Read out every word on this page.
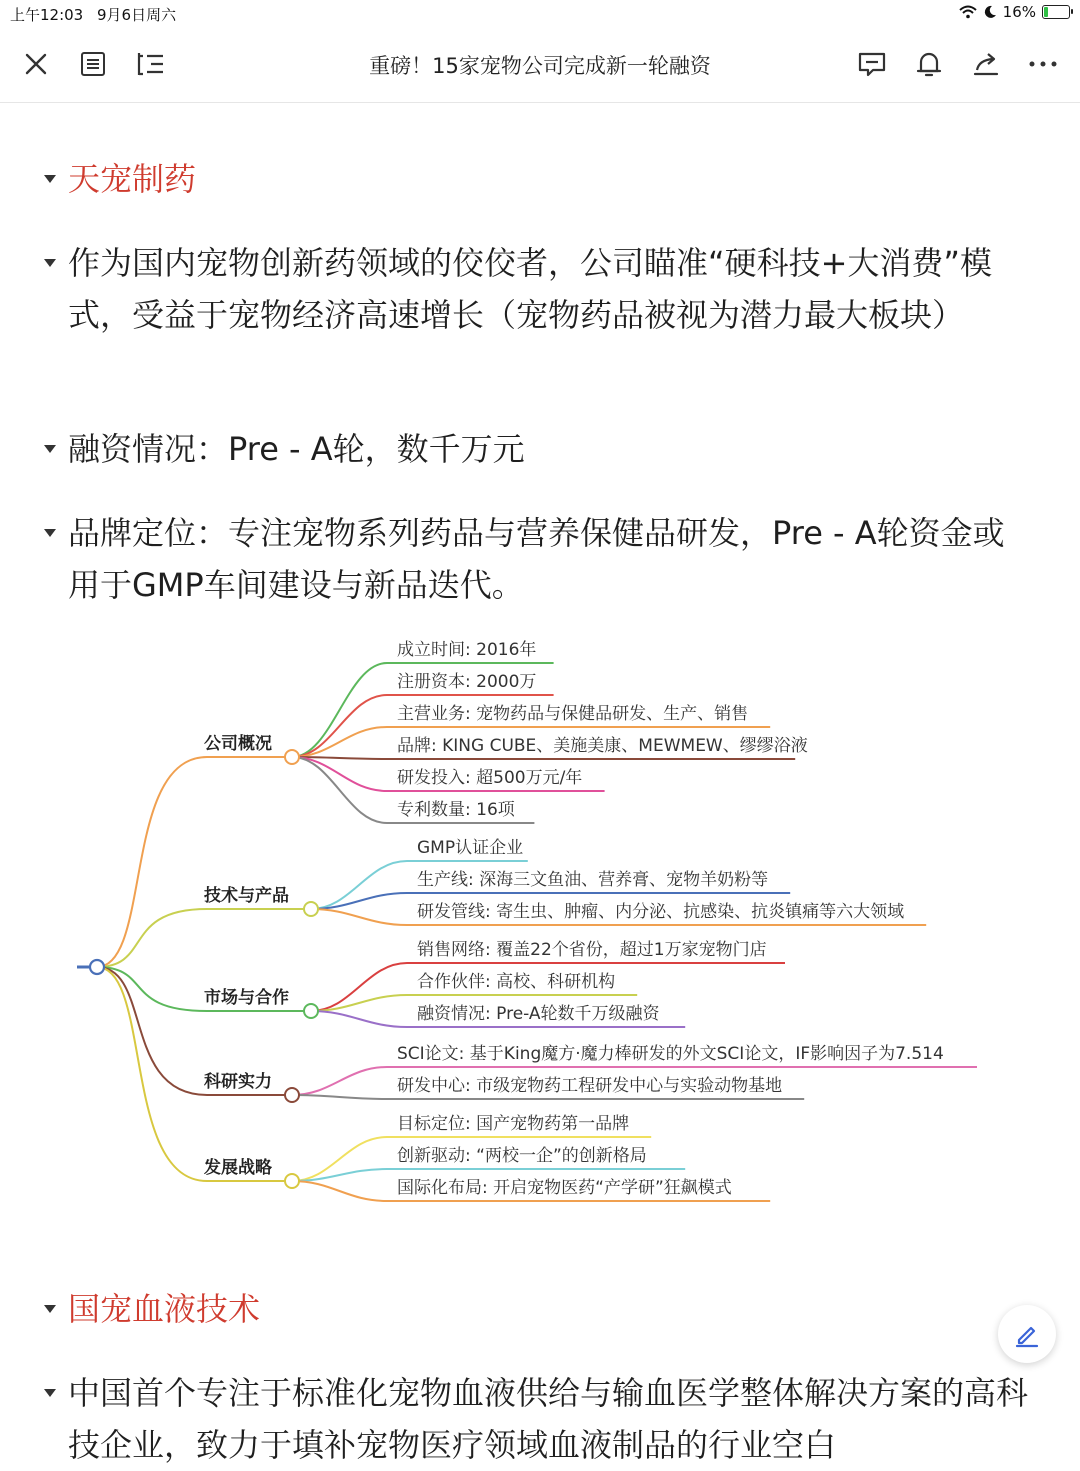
上午12:03 9月6日周六	16%
重磅！15家宠物公司完成新一轮融资
天宠制药
作为国内宠物创新药领域的佼佼者，公司瞄准“硬科技+大消费”模式，受益于宠物经济高速增长（宠物药品被视为潜力最大板块）
融资情况：Pre - A轮，数千万元
品牌定位：专注宠物系列药品与营养保健品研发，Pre - A轮资金或用于GMP车间建设与新品迭代。
公司概况
成立时间: 2016年
注册资本: 2000万
主营业务: 宠物药品与保健品研发、生产、销售
品牌: KING CUBE、美施美康、MEWMEW、缪缪浴液
研发投入: 超500万元/年
专利数量: 16项
技术与产品
GMP认证企业
生产线: 深海三文鱼油、营养膏、宠物羊奶粉等
研发管线: 寄生虫、肿瘤、内分泌、抗感染、抗炎镇痛等六大领域
市场与合作
销售网络: 覆盖22个省份，超过1万家宠物门店
合作伙伴: 高校、科研机构
融资情况: Pre-A轮数千万级融资
科研实力
SCI论文: 基于King魔方·魔力棒研发的外文SCI论文，IF影响因子为7.514
研发中心: 市级宠物药工程研发中心与实验动物基地
发展战略
目标定位: 国产宠物药第一品牌
创新驱动: “两校一企”的创新格局
国际化布局: 开启宠物医药“产学研”狂飙模式
国宠血液技术
中国首个专注于标准化宠物血液供给与输血医学整体解决方案的高科技企业，致力于填补宠物医疗领域血液制品的行业空白
